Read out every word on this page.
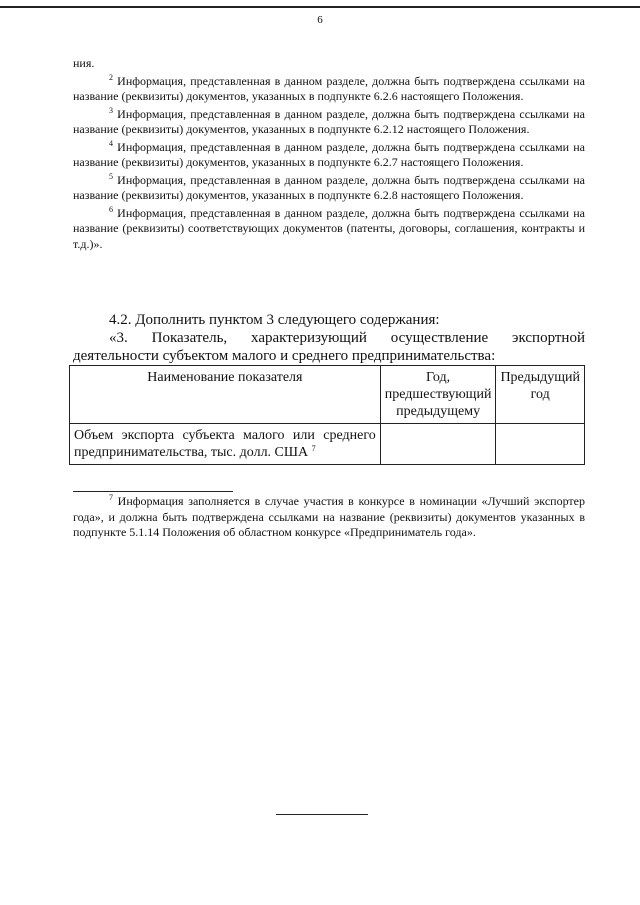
6

ния.

$^2$ Информация, представленная в данном разделе, должна быть подтверждена ссылками на название (реквизиты) документов, указанных в подпункте 6.2.6 настоящего Положения.

$^3$ Информация, представленная в данном разделе, должна быть подтверждена ссылками на название (реквизиты) документов, указанных в подпункте 6.2.12 настоящего Положения.

$^4$ Информация, представленная в данном разделе, должна быть подтверждена ссылками на название (реквизиты) документов, указанных в подпункте 6.2.7 настоящего Положения.

$^5$ Информация, представленная в данном разделе, должна быть подтверждена ссылками на название (реквизиты) документов, указанных в подпункте 6.2.8 настоящего Положения.

$^6$ Информация, представленная в данном разделе, должна быть подтверждена ссылками на название (реквизиты) соответствующих документов (патенты, договоры, соглашения, контракты и т.д.)».

4.2. Дополнить пунктом 3 следующего содержания:

«3. Показатель, характеризующий осуществление экспортной деятельности субъектом малого и среднего предпринимательства:

Наименование показателя	Год, предшествующий предыдущему	Предыдущий год
Объем экспорта субъекта малого или среднего предпринимательства, тыс. долл. США $^7$		

$^7$ Информация заполняется в случае участия в конкурсе в номинации «Лучший экспортер года», и должна быть подтверждена ссылками на название (реквизиты) документов указанных в подпункте 5.1.14 Положения об областном конкурсе «Предприниматель года».
